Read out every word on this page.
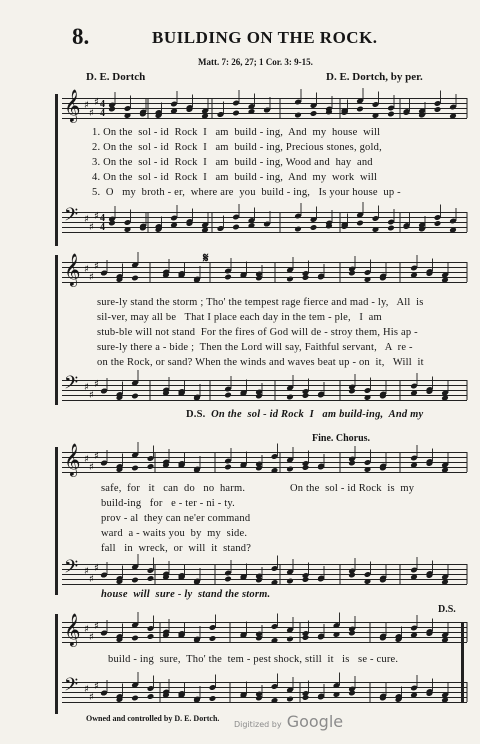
8.	BUILDING ON THE ROCK.
Matt. 7: 26, 27; 1 Cor. 3: 9-15.
D. E. Dortch	D. E. Dortch, by per.
𝄞 4
4
1. On the  sol - id  Rock  I   am  build - ing,  And  my  house  will
2. On the  sol - id  Rock  I   am  build - ing, Precious stones, gold,
3. On the  sol - id  Rock  I   am  build - ing, Wood and  hay  and
4. On the  sol - id  Rock  I   am  build - ing,  And  my  work  will
5.  O   my  broth - er,  where are  you  build - ing,   Is your house  up -
𝄢 4
4
𝄞	𝄋
sure-ly stand the storm ; Tho' the tempest rage fierce and mad - ly,   All  is
sil-ver, may all be   That I place each day in the tem - ple,   I  am
stub-ble will not stand  For the fires of God will de - stroy them, His ap -
sure-ly there a - bide ;  Then the Lord will say, Faithful servant,   A  re -
on the Rock, or sand? When the winds and waves beat up - on  it,   Will  it
𝄢
D.S. On the  sol - id Rock  I   am build-ing,  And my
Fine. Chorus.
𝄞
safe,  for   it   can  do   no  harm.	On the  sol - id Rock  is  my
build-ing   for   e - ter - ni - ty.
prov - al  they can ne'er command
ward  a - waits you  by  my  side.
fall   in  wreck,  or  will  it  stand?
𝄢
house  will  sure - ly  stand the storm.
D.S.
𝄞
build - ing  sure,  Tho' the  tem - pest shock, still  it   is   se - cure.
𝄢
Owned and controlled by D. E. Dortch.
Digitized by Google
♯
♯
♯
♯
♯
♯
♯
♯
♯
♯
♯
♯
♯
♯
♯
♯
♯
♯
♯
♯
♯
♯
♯
♯
